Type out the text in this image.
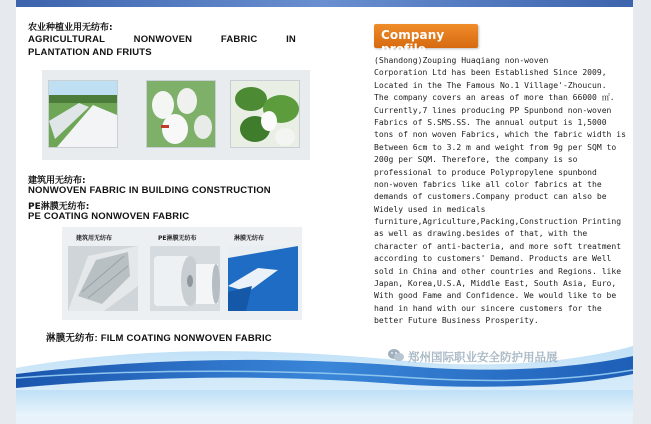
农业种植业用无纺布:
AGRICULTURAL NONWOVEN FABRIC IN
PLANTATION AND FRIUTS
建筑用无纺布:
NONWOVEN FABRIC IN BUILDING CONSTRUCTION
PE淋膜无纺布:
PE COATING NONWOVEN FABRIC
建筑用无纺布	PE淋膜无纺布	淋膜无纺布
淋膜无纺布: FILM COATING NONWOVEN FABRIC
Company profile
(Shandong)Zouping Huaqiang non-woven
Corporation Ltd has been Established Since 2009,
Located in the The Famous No.1 Village'-Zhoucun.
The company covers an areas of more than 66000 ㎡.
Currently,7 lines producing PP Spunbond non-woven
Fabrics of S.SMS.SS. The annual output is 1,5000
tons of non woven Fabrics, which the fabric width is
Between 6cm to 3.2 m and weight from 9g per SQM to
200g per SQM. Therefore, the company is so
professional to produce Polypropylene spunbond
non-woven fabrics like all color fabrics at the
demands of customers.Company product can also be
Widely used in medicals
furniture,Agriculture,Packing,Construction Printing
as well as drawing.besides of that, with the
character of anti-bacteria, and more soft treatment
according to customers' Demand. Products are Well
sold in China and other countries and Regions. like
Japan, Korea,U.S.A, Middle East, South Asia, Euro,
With good Fame and Confidence. We would like to be
hand in hand with our sincere customers for the
better Future Business Prosperity.
郑州国际职业安全防护用品展
